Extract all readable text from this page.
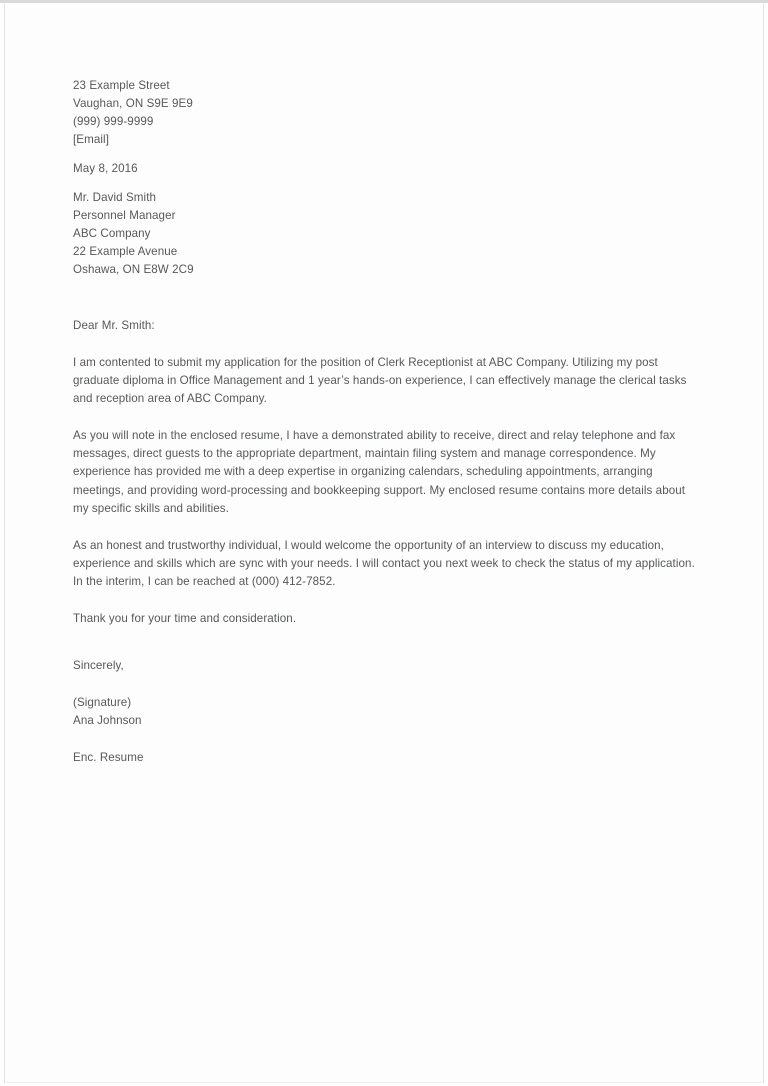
23 Example Street
Vaughan, ON S9E 9E9
(999) 999-9999
[Email]
May 8, 2016
Mr. David Smith
Personnel Manager
ABC Company
22 Example Avenue
Oshawa, ON E8W 2C9
Dear Mr. Smith:

I am contented to submit my application for the position of Clerk Receptionist at ABC Company. Utilizing my post graduate diploma in Office Management and 1 year’s hands-on experience, I can effectively manage the clerical tasks and reception area of ABC Company.

As you will note in the enclosed resume, I have a demonstrated ability to receive, direct and relay telephone and fax messages, direct guests to the appropriate department, maintain filing system and manage correspondence. My experience has provided me with a deep expertise in organizing calendars, scheduling appointments, arranging meetings, and providing word-processing and bookkeeping support. My enclosed resume contains more details about my specific skills and abilities.

As an honest and trustworthy individual, I would welcome the opportunity of an interview to discuss my education, experience and skills which are sync with your needs. I will contact you next week to check the status of my application. In the interim, I can be reached at (000) 412-7852.

Thank you for your time and consideration.

Sincerely,
(Signature)
Ana Johnson
Enc. Resume
